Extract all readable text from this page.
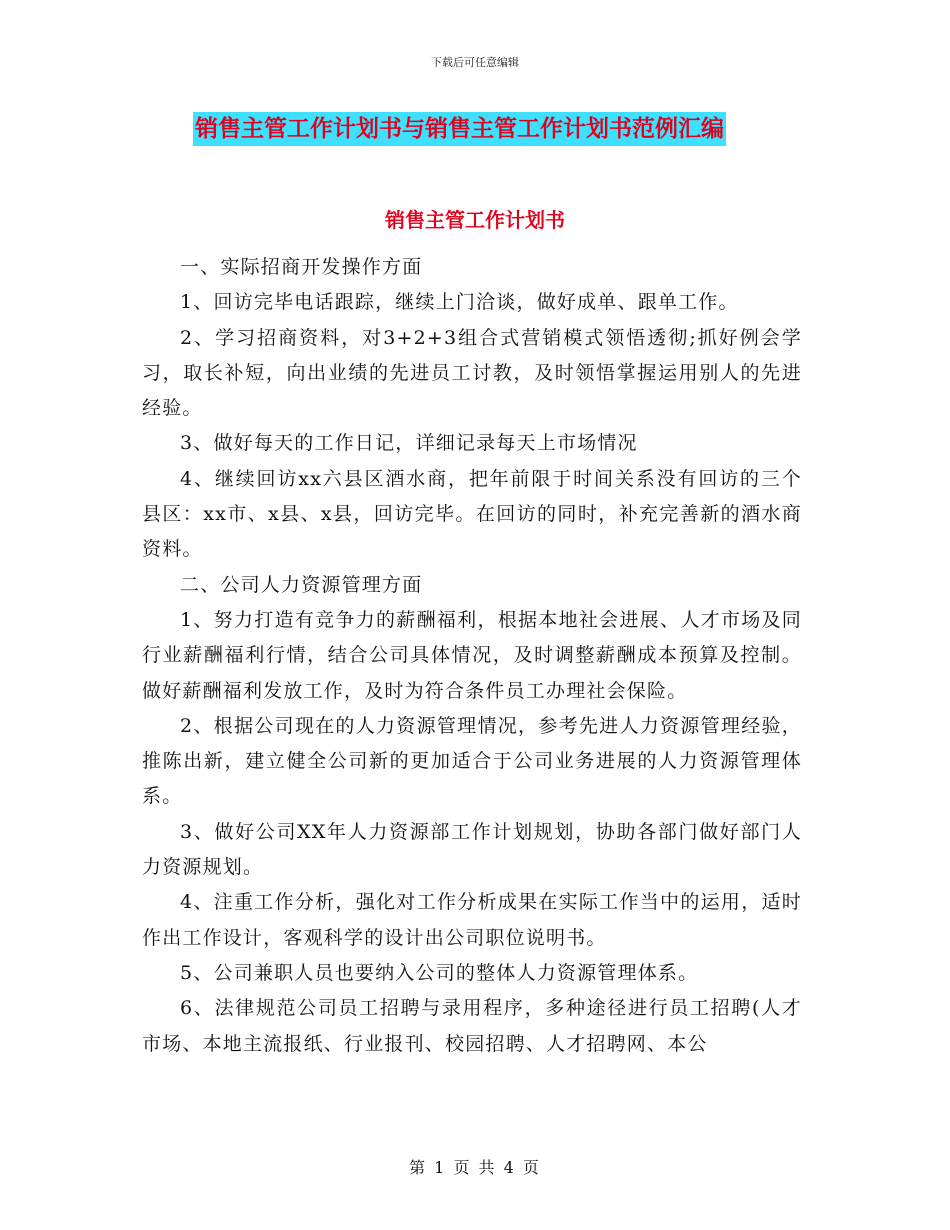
下载后可任意编辑
销售主管工作计划书与销售主管工作计划书范例汇编
销售主管工作计划书

一、实际招商开发操作方面

1、回访完毕电话跟踪，继续上门洽谈，做好成单、跟单工作。

2、学习招商资料，对3+2+3组合式营销模式领悟透彻;抓好例会学习，取长补短，向出业绩的先进员工讨教，及时领悟掌握运用别人的先进经验。

3、做好每天的工作日记，详细记录每天上市场情况

4、继续回访xx六县区酒水商，把年前限于时间关系没有回访的三个县区：xx市、x县、x县，回访完毕。在回访的同时，补充完善新的酒水商资料。

二、公司人力资源管理方面

1、努力打造有竞争力的薪酬福利，根据本地社会进展、人才市场及同行业薪酬福利行情，结合公司具体情况，及时调整薪酬成本预算及控制。做好薪酬福利发放工作，及时为符合条件员工办理社会保险。

2、根据公司现在的人力资源管理情况，参考先进人力资源管理经验，推陈出新，建立健全公司新的更加适合于公司业务进展的人力资源管理体系。

3、做好公司XX年人力资源部工作计划规划，协助各部门做好部门人力资源规划。

4、注重工作分析，强化对工作分析成果在实际工作当中的运用，适时作出工作设计，客观科学的设计出公司职位说明书。

5、公司兼职人员也要纳入公司的整体人力资源管理体系。

6、法律规范公司员工招聘与录用程序，多种途径进行员工招聘(人才市场、本地主流报纸、行业报刊、校园招聘、人才招聘网、本公

第 1 页 共 4 页
